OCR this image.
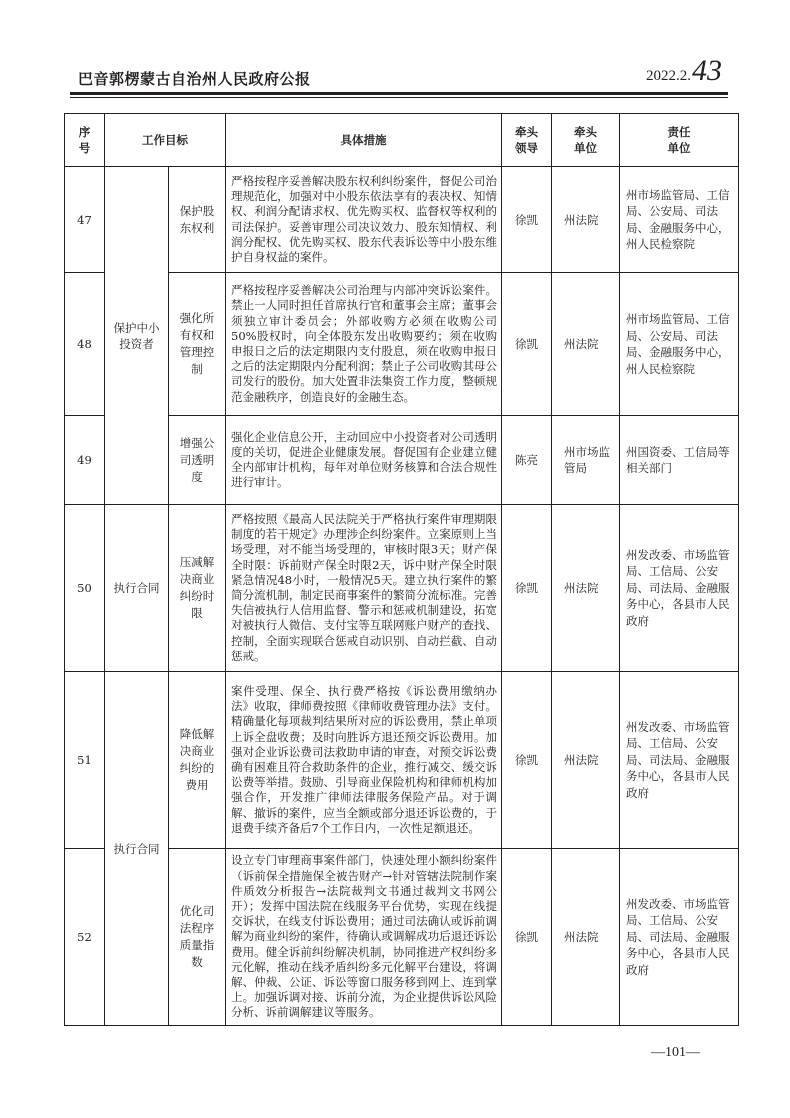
巴音郭楞蒙古自治州人民政府公报	2022.2.43
序号	工作目标		具体措施	牵头领导	牵头单位	责任单位

47	保护中小投资者	保护股东权利	严格按程序妥善解决股东权利纠纷案件，督促公司治理规范化，加强对中小股东依法享有的表决权、知情权、利润分配请求权、优先购买权、监督权等权利的司法保护。妥善审理公司决议效力、股东知情权、利润分配权、优先购买权、股东代表诉讼等中小股东维护自身权益的案件。	徐凯	州法院	州市场监管局、工信局、公安局、司法局、金融服务中心，州人民检察院
48		强化所有权和管理控制	严格按程序妥善解决公司治理与内部冲突诉讼案件。禁止一人同时担任首席执行官和董事会主席；董事会须独立审计委员会；外部收购方必须在收购公司50%股权时，向全体股东发出收购要约；须在收购申报日之后的法定期限内支付股息，须在收购申报日之后的法定期限内分配利润；禁止子公司收购其母公司发行的股份。加大处置非法集资工作力度，整顿规范金融秩序，创造良好的金融生态。	徐凯	州法院	州市场监管局、工信局、公安局、司法局、金融服务中心，州人民检察院
49		增强公司透明度	强化企业信息公开，主动回应中小投资者对公司透明度的关切，促进企业健康发展。督促国有企业建立健全内部审计机构，每年对单位财务核算和合法合规性进行审计。	陈亮	州市场监管局	州国资委、工信局等相关部门
50	执行合同	压减解决商业纠纷时限	严格按照《最高人民法院关于严格执行案件审理期限制度的若干规定》办理涉企纠纷案件。立案原则上当场受理，对不能当场受理的，审核时限3天；财产保全时限：诉前财产保全时限2天，诉中财产保全时限紧急情况48小时，一般情况5天。建立执行案件的繁简分流机制，制定民商事案件的繁简分流标准。完善失信被执行人信用监督、警示和惩戒机制建设，拓宽对被执行人微信、支付宝等互联网账户财产的查找、控制，全面实现联合惩戒自动识别、自动拦截、自动惩戒。	徐凯	州法院	州发改委、市场监管局、工信局、公安局、司法局、金融服务中心，各县市人民政府
51	执行合同	降低解决商业纠纷的费用	案件受理、保全、执行费严格按《诉讼费用缴纳办法》收取，律师费按照《律师收费管理办法》支付。精确量化每项裁判结果所对应的诉讼费用，禁止单项上诉全盘收费；及时向胜诉方退还预交诉讼费用。加强对企业诉讼费司法救助申请的审查，对预交诉讼费确有困难且符合救助条件的企业，推行减交、缓交诉讼费等举措。鼓励、引导商业保险机构和律师机构加强合作，开发推广律师法律服务保险产品。对于调解、撤诉的案件，应当全额或部分退还诉讼费的，于退费手续齐备后7个工作日内，一次性足额退还。	徐凯	州法院	州发改委、市场监管局、工信局、公安局、司法局、金融服务中心，各县市人民政府
52		优化司法程序质量指数	设立专门审理商事案件部门，快速处理小额纠纷案件（诉前保全措施保全被告财产→针对管辖法院制作案件质效分析报告→法院裁判文书通过裁判文书网公开）；发挥中国法院在线服务平台优势，实现在线提交诉状，在线支付诉讼费用；通过司法确认或诉前调解为商业纠纷的案件，待确认或调解成功后退还诉讼费用。健全诉前纠纷解决机制，协同推进产权纠纷多元化解，推动在线矛盾纠纷多元化解平台建设，将调解、仲裁、公证、诉讼等窗口服务移到网上、连到掌上。加强诉调对接、诉前分流，为企业提供诉讼风险分析、诉前调解建议等服务。	徐凯	州法院	州发改委、市场监管局、工信局、公安局、司法局、金融服务中心，各县市人民政府
—101—
